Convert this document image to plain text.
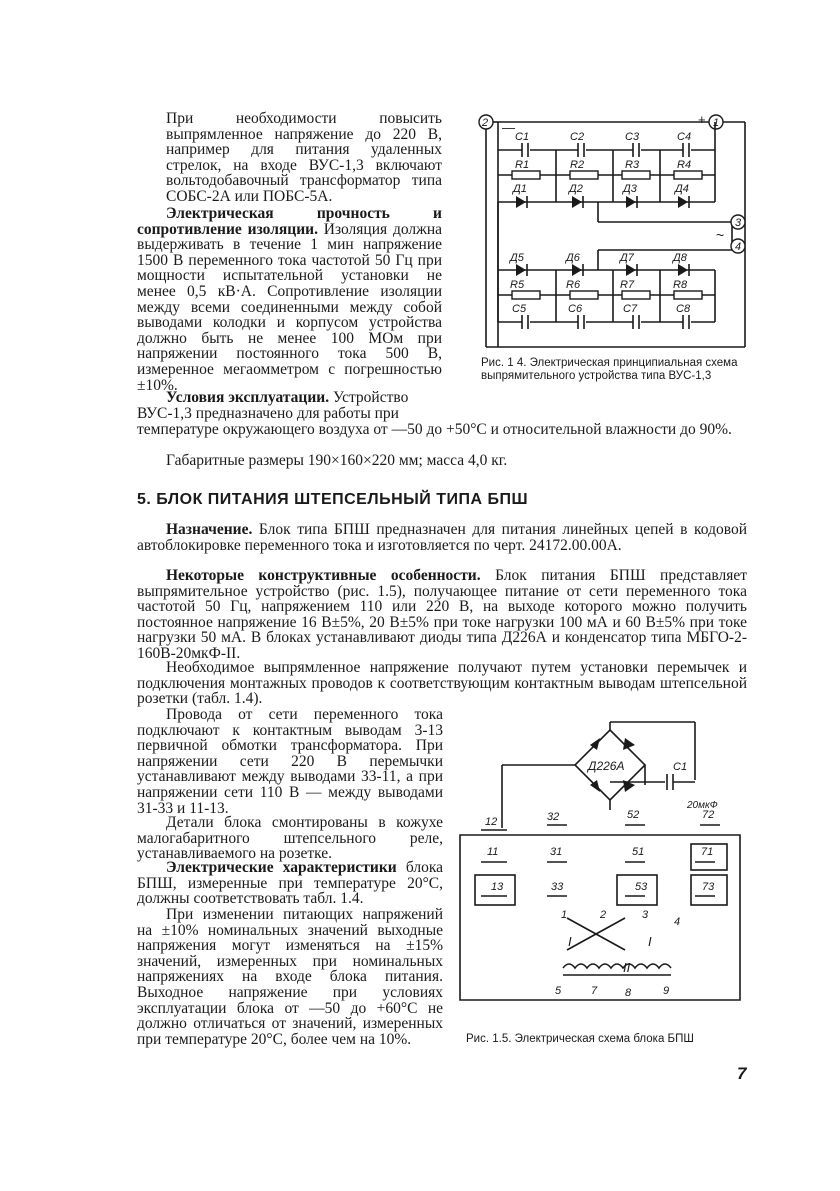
При необходимости повысить выпрямленное напряжение до 220 В, например для питания удаленных стрелок, на входе ВУС-1,3 включают вольтодобавочный трансформатор типа СОБС-2А или ПОБС-5А.
Электрическая прочность и сопротивление изоляции. Изоляция должна выдерживать в течение 1 мин напряжение 1500 В переменного тока частотой 50 Гц при мощности испытательной установки не менее 0,5 кВ·А. Сопротивление изоляции между всеми соединенными между собой выводами колодки и корпусом устройства должно быть не менее 100 МОм при напряжении постоянного тока 500 В, измеренное мегаомметром с погрешностью ±10%.
Условия эксплуатации. Устройство
ВУС-1,3 предназначено для работы при
температуре окружающего воздуха от —50 до +50°С и относительной влажности до 90%.
Габаритные размеры 190×160×220 мм; масса 4,0 кг.
2 —
+ 1
3
~
4
C1	C2	C3	C4
R1	R2	R3	R4
Д1	Д2	Д3	Д4
Д5	Д6	Д7	Д8
R5	R6	R7	R8
C5	C6	C7	C8
Рис. 1 4. Электрическая принципиальная схема выпрямительного устройства типа ВУС-1,3
5. БЛОК ПИТАНИЯ ШТЕПСЕЛЬНЫЙ ТИПА БПШ
Назначение. Блок типа БПШ предназначен для питания линейных цепей в кодовой автоблокировке переменного тока и изготовляется по черт. 24172.00.00А.
Некоторые конструктивные особенности. Блок питания БПШ представляет выпрямительное устройство (рис. 1.5), получающее питание от сети переменного тока частотой 50 Гц, напряжением 110 или 220 В, на выходе которого можно получить постоянное напряжение 16 В±5%, 20 В±5% при токе нагрузки 100 мА и 60 В±5% при токе нагрузки 50 мА. В блоках устанавливают диоды типа Д226А и конденсатор типа МБГО-2-160В-20мкФ-II.
Необходимое выпрямленное напряжение получают путем установки перемычек и подключения монтажных проводов к соответствующим контактным выводам штепсельной розетки (табл. 1.4).
Провода от сети переменного тока подключают к контактным выводам 3-13 первичной обмотки трансформатора. При напряжении сети 220 В перемычки устанавливают между выводами 33-11, а при напряжении сети 110 В — между выводами 31-33 и 11-13.
Детали блока смонтированы в кожухе малогабаритного штепсельного реле, устанавливаемого на розетке.
Электрические характеристики блока БПШ, измеренные при температуре 20°С, должны соответствовать табл. 1.4.
При изменении питающих напряжений на ±10% номинальных значений выходные напряжения могут изменяться на ±15% значений, измеренных при номинальных напряжениях на входе блока питания. Выходное напряжение при условиях эксплуатации блока от —50 до +60°С не должно отличаться от значений, измеренных при температуре 20°С, более чем на 10%.
Д226А	C1
20мкФ
12	32	52	72
11	31	51	71
13	33	53	73
I	I
1	2	3
4
II
5	7	8	9
Рис. 1.5. Электрическая схема блока БПШ
7
